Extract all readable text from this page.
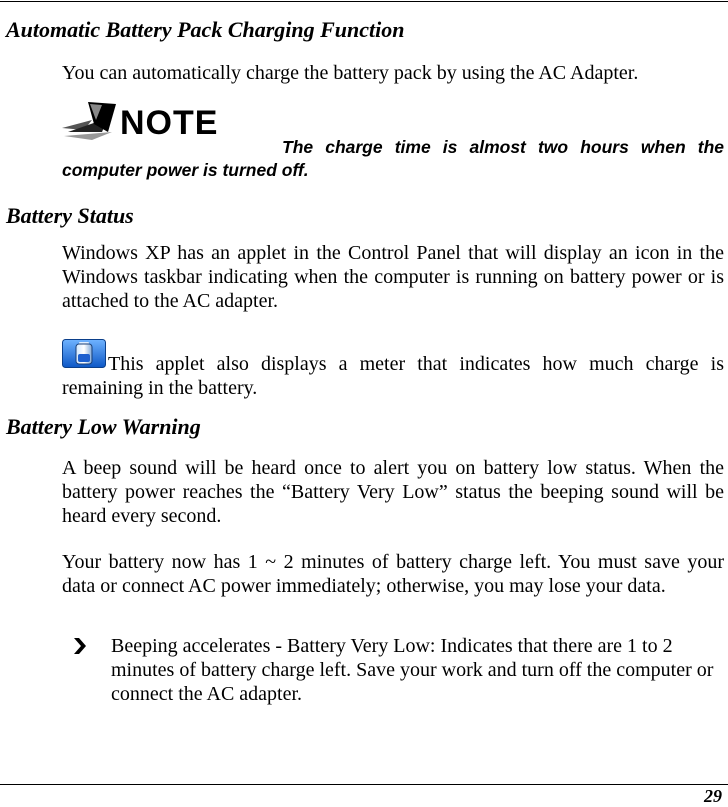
Automatic Battery Pack Charging Function

You can automatically charge the battery pack by using the AC Adapter.

NOTE

The charge time is almost two hours when the computer power is turned off.

Battery Status

Windows XP has an applet in the Control Panel that will display an icon in the Windows taskbar indicating when the computer is running on battery power or is attached to the AC adapter.

This applet also displays a meter that indicates how much charge is remaining in the battery.

Battery Low Warning

A beep sound will be heard once to alert you on battery low status. When the battery power reaches the “Battery Very Low” status the beeping sound will be heard every second.

Your battery now has 1 ~ 2 minutes of battery charge left. You must save your data or connect AC power immediately; otherwise, you may lose your data.

Beeping accelerates - Battery Very Low: Indicates that there are 1 to 2 minutes of battery charge left. Save your work and turn off the computer or connect the AC adapter.

29
